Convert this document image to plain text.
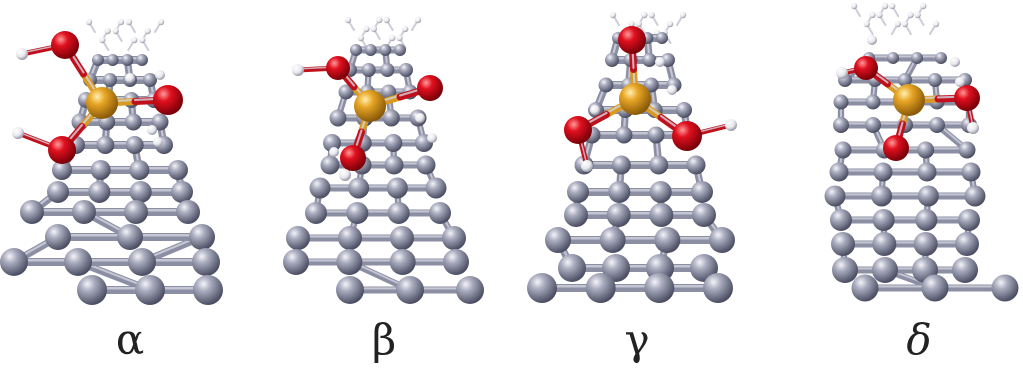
α	β	γ	δ
